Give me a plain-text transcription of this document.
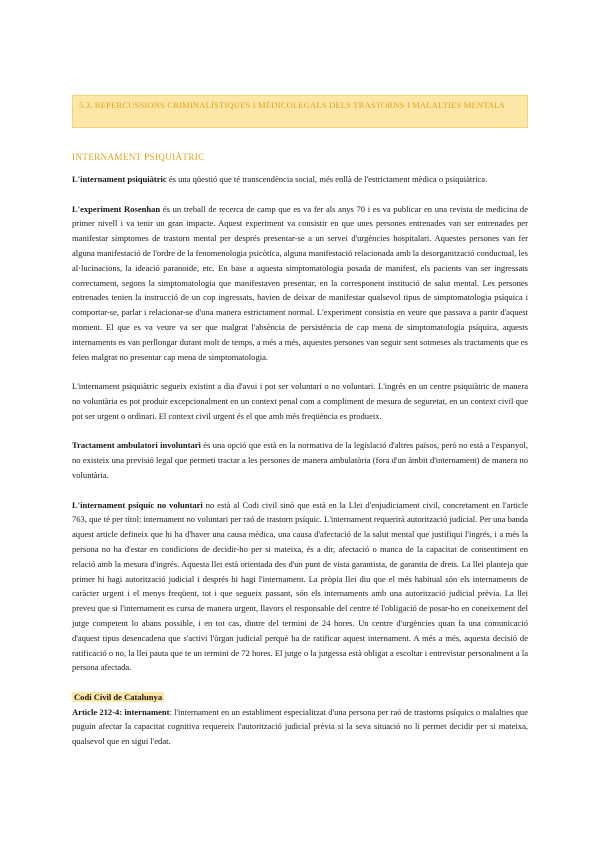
5.3. REPERCUSSIONS CRIMINALÍSTIQUES I MÈDICOLEGALS DELS TRASTORNS I MALALTIES MENTALS
INTERNAMENT PSIQUIÀTRIC

L'internament psiquiàtric és una qüestió que té transcendència social, més enllà de l'estrictament mèdica o psiquiàtrica.

L'experiment Rosenhan és un treball de recerca de camp que es va fer als anys 70 i es va publicar en una revista de medicina de primer nivell i va tenir un gran impacte. Aquest experiment va consistir en que unes persones entrenades van ser entrenades per manifestar símptomes de trastorn mental per després presentar-se a un servei d'urgències hospitalari. Aquestes persones van fer alguna manifestació de l'ordre de la fenomenologia psicòtica, alguna manifestació relacionada amb la desorganització conductual, les al·lucinacions, la ideació paranoide, etc. En base a aquesta simptomatologia posada de manifest, els pacients van ser ingressats correctament, segons la simptomatologia que manifestaven presentar, en la corresponent institució de salut mental. Les persones entrenades tenien la instrucció de un cop ingressats, havien de deixar de manifestar qualsevol tipus de simptomatologia psíquica i comportar-se, parlar i relacionar-se d'una manera estrictament normal. L'experiment consistia en veure que passava a partir d'aquest moment. El que es va veure va ser que malgrat l'absència de persistència de cap mena de simptomatologia psíquica, aquests internaments es van perllongar durant molt de temps, a més a més, aquestes persones van seguir sent sotmeses als tractaments que es feien malgrat no presentar cap mena de simptomatologia.

L'internament psiquiàtric segueix existint a dia d'avui i pot ser voluntari o no voluntari. L'ingrés en un centre psiquiàtric de manera no voluntària es pot produir excepcionalment en un context penal com a compliment de mesura de seguretat, en un context civil que pot ser urgent o ordinari. El context civil urgent és el que amb més freqüència es produeix.

Tractament ambulatori involuntari és una opció que està en la normativa de la legislació d'altres països, però no està a l'espanyol, no existeix una previsió legal que permeti tractar a les persones de manera ambulatòria (fora d'un àmbit d'internament) de manera no voluntària.

L'internament psíquic no voluntari no està al Codi civil sinó que està en la Llei d'enjudiciament civil, concretament en l'article 763, que té per títol: internament no voluntari per raó de trastorn psíquic. L'internament requerirà autorització judicial. Per una banda aquest article defineix que hi ha d'haver una causa mèdica, una causa d'afectació de la salut mental que justifiqui l'ingrés, i a més la persona no ha d'estar en condicions de decidir-ho per si mateixa, és a dir, afectació o manca de la capacitat de consentiment en relació amb la mesura d'ingrés. Aquesta llei està orientada des d'un punt de vista garantista, de garantia de drets. La llei planteja que primer hi hagi autorització judicial i després hi hagi l'internament. La pròpia llei diu que el més habitual són els internaments de caràcter urgent i el menys freqüent, tot i que segueix passant, són els internaments amb una autorització judicial prèvia. La llei preveu que si l'internament es cursa de manera urgent, llavors el responsable del centre té l'obligació de posar-ho en coneixement del jutge competent lo abans possible, i en tot cas, dintre del termini de 24 hores. Un centre d'urgències quan fa una comunicació d'aquest tipus desencadena que s'activi l'òrgan judicial perquè ha de ratificar aquest internament. A més a més, aquesta decisió de ratificació o no, la llei pauta que te un termini de 72 hores. El jutge o la jutgessa està obligat a escoltar i entrevistar personalment a la persona afectada.

Codi Civil de Catalunya

Article 212-4: internament: l'internament en un establiment especialitzat d'una persona per raó de trastorns psíquics o malalties que puguin afectar la capacitat cognitiva requereix l'autorització judicial prèvia si la seva situació no li permet decidir per si mateixa, qualsevol que en sigui l'edat.
